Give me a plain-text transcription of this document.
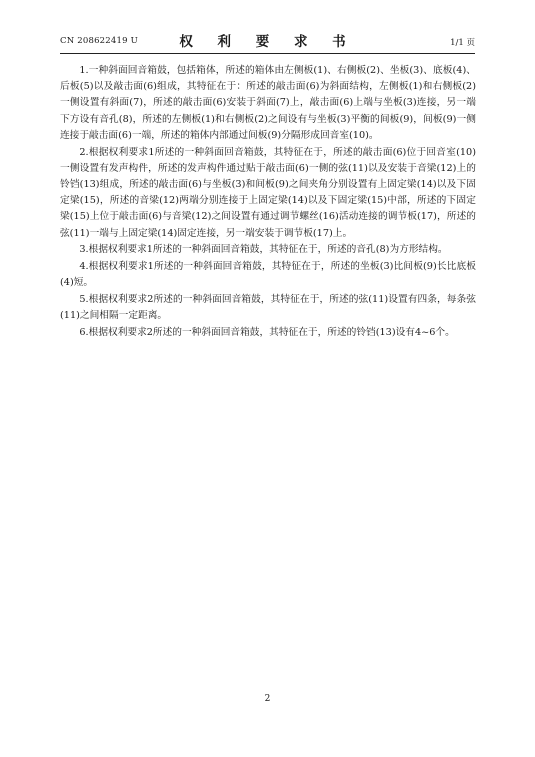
CN 208622419 U	权 利 要 求 书	1/1 页

1.一种斜面回音箱鼓，包括箱体，所述的箱体由左侧板(1)、右侧板(2)、坐板(3)、底板(4)、后板(5)以及敲击面(6)组成，其特征在于：所述的敲击面(6)为斜面结构，左侧板(1)和右侧板(2)一侧设置有斜面(7)，所述的敲击面(6)安装于斜面(7)上，敲击面(6)上端与坐板(3)连接，另一端下方设有音孔(8)，所述的左侧板(1)和右侧板(2)之间设有与坐板(3)平衡的间板(9)，间板(9)一侧连接于敲击面(6)一端，所述的箱体内部通过间板(9)分隔形成回音室(10)。

2.根据权利要求1所述的一种斜面回音箱鼓，其特征在于，所述的敲击面(6)位于回音室(10)一侧设置有发声构件，所述的发声构件通过贴于敲击面(6)一侧的弦(11)以及安装于音梁(12)上的铃铛(13)组成，所述的敲击面(6)与坐板(3)和间板(9)之间夹角分别设置有上固定梁(14)以及下固定梁(15)，所述的音梁(12)两端分别连接于上固定梁(14)以及下固定梁(15)中部，所述的下固定梁(15)上位于敲击面(6)与音梁(12)之间设置有通过调节螺丝(16)活动连接的调节板(17)，所述的弦(11)一端与上固定梁(14)固定连接，另一端安装于调节板(17)上。

3.根据权利要求1所述的一种斜面回音箱鼓，其特征在于，所述的音孔(8)为方形结构。

4.根据权利要求1所述的一种斜面回音箱鼓，其特征在于，所述的坐板(3)比间板(9)长比底板(4)短。

5.根据权利要求2所述的一种斜面回音箱鼓，其特征在于，所述的弦(11)设置有四条，每条弦(11)之间相隔一定距离。

6.根据权利要求2所述的一种斜面回音箱鼓，其特征在于，所述的铃铛(13)设有4~6个。

2
